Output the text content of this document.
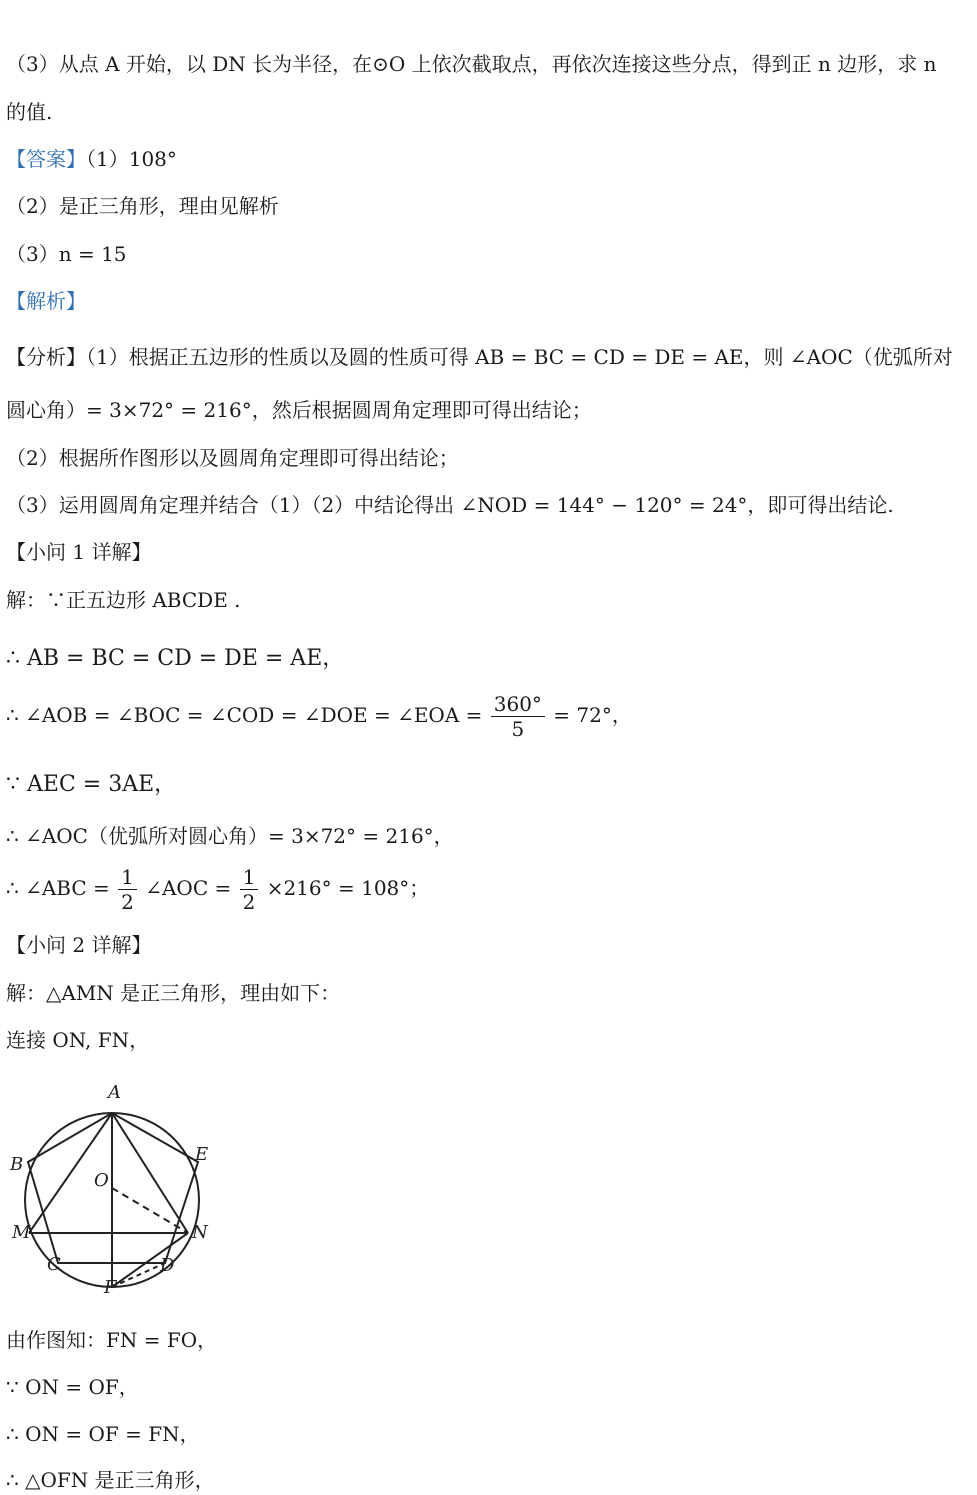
（3）从点 A 开始，以 DN 长为半径，在⊙O 上依次截取点，再依次连接这些分点，得到正 n 边形，求 n
的值.
【答案】（1）108°
（2）是正三角形，理由见解析
（3）n = 15
【解析】
【分析】（1）根据正五边形的性质以及圆的性质可得 AB = BC = CD = DE = AE，则 ∠AOC（优弧所对
圆心角）= 3×72° = 216°，然后根据圆周角定理即可得出结论；
（2）根据所作图形以及圆周角定理即可得出结论；
（3）运用圆周角定理并结合（1）（2）中结论得出 ∠NOD = 144° − 120° = 24°，即可得出结论.
【小问 1 详解】
解：∵正五边形 ABCDE .
∴ AB = BC = CD = DE = AE，
∴ ∠AOB = ∠BOC = ∠COD = ∠DOE = ∠EOA = $\frac{360^\circ}{5} = 72^\circ$，
∵ AEC = 3AE，
∴ ∠AOC（优弧所对圆心角）= 3×72° = 216°，
∴ ∠ABC = $\frac{1}{2}$ ∠AOC = $\frac{1}{2} \times 216^\circ = 108^\circ$；
【小问 2 详解】
解：△AMN 是正三角形，理由如下：
连接 ON, FN，
A
B	E
O
M	N
C	D
F
由作图知：FN = FO，
∵ ON = OF，
∴ ON = OF = FN，
∴ △OFN 是正三角形，
